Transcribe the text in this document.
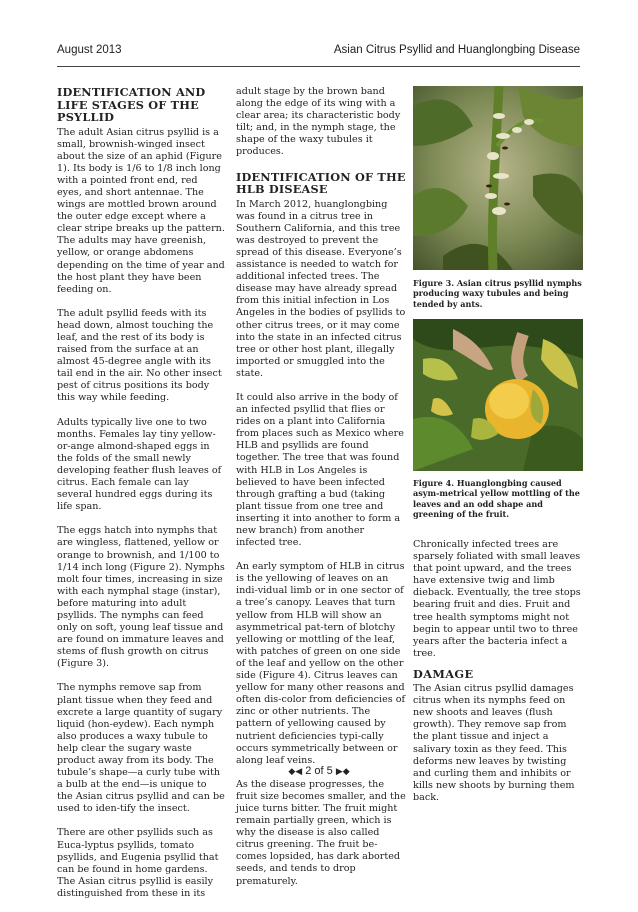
August 2013	Asian Citrus Psyllid and Huanglongbing Disease
IDENTIFICATION AND LIFE STAGES OF THE PSYLLID

The adult Asian citrus psyllid is a small, brownish-winged insect about the size of an aphid (Figure 1). Its body is 1/6 to 1/8 inch long with a pointed front end, red eyes, and short antennae. The wings are mottled brown around the outer edge except where a clear stripe breaks up the pattern. The adults may have greenish, yellow, or orange abdomens depending on the time of year and the host plant they have been feeding on.

The adult psyllid feeds with its head down, almost touching the leaf, and the rest of its body is raised from the surface at an almost 45-degree angle with its tail end in the air. No other insect pest of citrus positions its body this way while feeding.

Adults typically live one to two months. Females lay tiny yellow-or-ange almond-shaped eggs in the folds of the small newly developing feather flush leaves of citrus. Each female can lay several hundred eggs during its life span.

The eggs hatch into nymphs that are wingless, flattened, yellow or orange to brownish, and 1/100 to 1/14 inch long (Figure 2). Nymphs molt four times, increasing in size with each nymphal stage (instar), before maturing into adult psyllids. The nymphs can feed only on soft, young leaf tissue and are found on immature leaves and stems of flush growth on citrus (Figure 3).

The nymphs remove sap from plant tissue when they feed and excrete a large quantity of sugary liquid (hon-eydew). Each nymph also produces a waxy tubule to help clear the sugary waste product away from its body. The tubule’s shape—a curly tube with a bulb at the end—is unique to the Asian citrus psyllid and can be used to iden-tify the insect.

There are other psyllids such as Euca-lyptus psyllids, tomato psyllids, and Eugenia psyllid that can be found in home gardens. The Asian citrus psyllid is easily distinguished from these in its

adult stage by the brown band along the edge of its wing with a clear area; its characteristic body tilt; and, in the nymph stage, the shape of the waxy tubules it produces.

IDENTIFICATION OF THE HLB DISEASE

In March 2012, huanglongbing was found in a citrus tree in Southern California, and this tree was destroyed to prevent the spread of this disease. Everyone’s assistance is needed to watch for additional infected trees. The disease may have already spread from this initial infection in Los Angeles in the bodies of psyllids to other citrus trees, or it may come into the state in an infected citrus tree or other host plant, illegally imported or smuggled into the state.

It could also arrive in the body of an infected psyllid that flies or rides on a plant into California from places such as Mexico where HLB and psyllids are found together. The tree that was found with HLB in Los Angeles is believed to have been infected through grafting a bud (taking plant tissue from one tree and inserting it into another to form a new branch) from another infected tree.

An early symptom of HLB in citrus is the yellowing of leaves on an indi-vidual limb or in one sector of a tree’s canopy. Leaves that turn yellow from HLB will show an asymmetrical pat-tern of blotchy yellowing or mottling of the leaf, with patches of green on one side of the leaf and yellow on the other side (Figure 4). Citrus leaves can yellow for many other reasons and often dis-color from deficiencies of zinc or other nutrients. The pattern of yellowing caused by nutrient deficiencies typi-cally occurs symmetrically between or along leaf veins.

As the disease progresses, the fruit size becomes smaller, and the juice turns bitter. The fruit might remain partially green, which is why the disease is also called citrus greening. The fruit be-comes lopsided, has dark aborted seeds, and tends to drop prematurely.

Figure 3. Asian citrus psyllid nymphs producing waxy tubules and being tended by ants.
Figure 4. Huanglongbing caused asym-metrical yellow mottling of the leaves and an odd shape and greening of the fruit.

Chronically infected trees are sparsely foliated with small leaves that point upward, and the trees have extensive twig and limb dieback. Eventually, the tree stops bearing fruit and dies. Fruit and tree health symptoms might not begin to appear until two to three years after the bacteria infect a tree.

DAMAGE

The Asian citrus psyllid damages citrus when its nymphs feed on new shoots and leaves (flush growth). They remove sap from the plant tissue and inject a salivary toxin as they feed. This deforms new leaves by twisting and curling them and inhibits or kills new shoots by burning them back.

◆◀ 2 of 5 ▶◆
